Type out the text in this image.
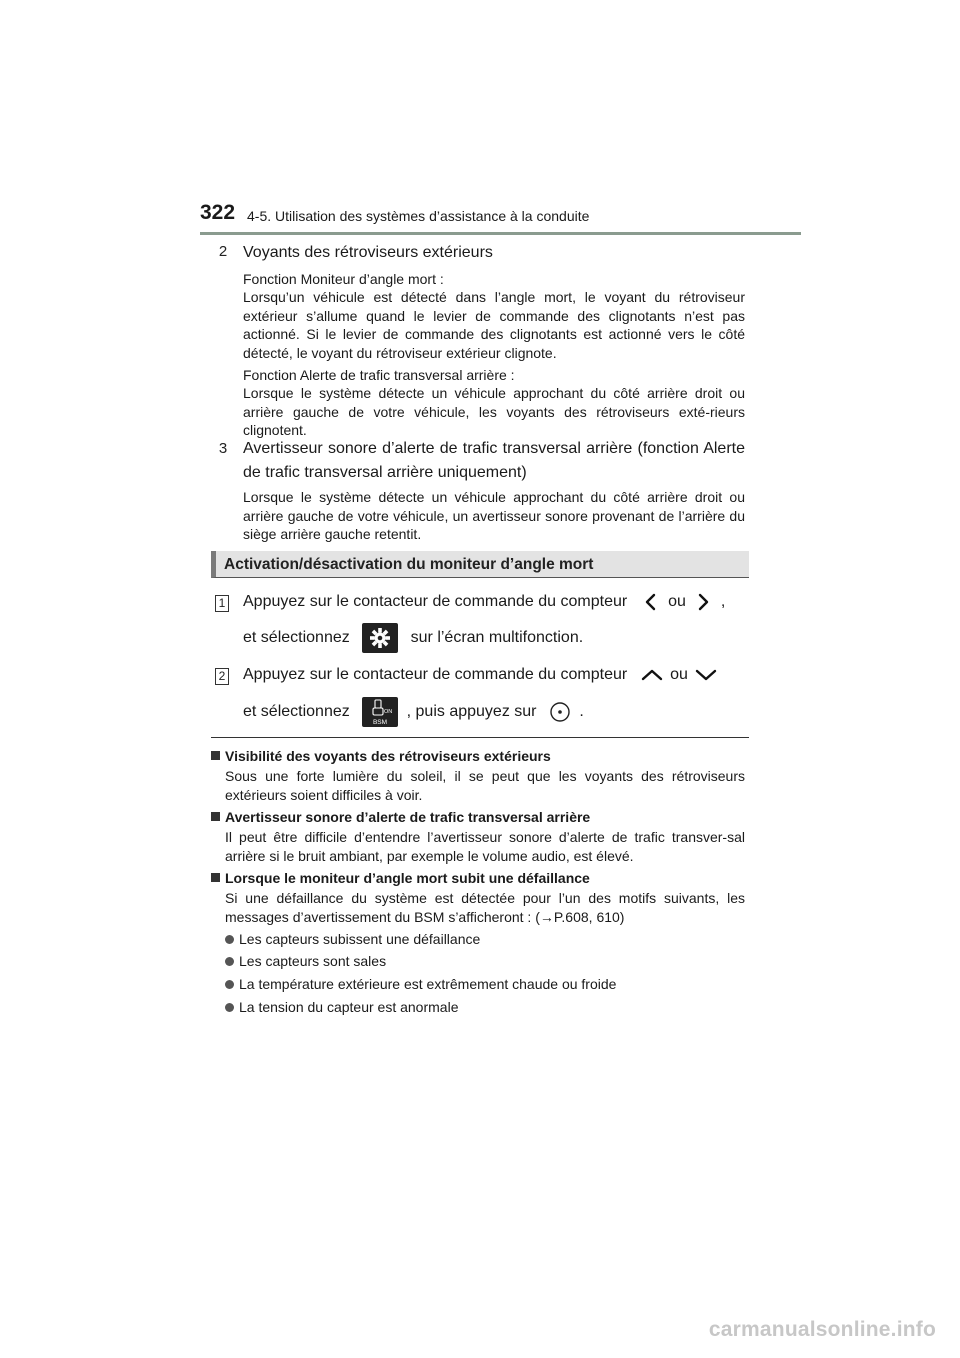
322 4-5. Utilisation des systèmes d’assistance à la conduite
2 Voyants des rétroviseurs extérieurs
Fonction Moniteur d’angle mort :
Lorsqu’un véhicule est détecté dans l’angle mort, le voyant du rétroviseur extérieur s’allume quand le levier de commande des clignotants n’est pas actionné. Si le levier de commande des clignotants est actionné vers le côté détecté, le voyant du rétroviseur extérieur clignote.
Fonction Alerte de trafic transversal arrière :
Lorsque le système détecte un véhicule approchant du côté arrière droit ou arrière gauche de votre véhicule, les voyants des rétroviseurs exté-rieurs clignotent.
3 Avertisseur sonore d’alerte de trafic transversal arrière (fonction Alerte de trafic transversal arrière uniquement)
Lorsque le système détecte un véhicule approchant du côté arrière droit ou arrière gauche de votre véhicule, un avertisseur sonore provenant de l’arrière du siège arrière gauche retentit.
Activation/désactivation du moniteur d’angle mort
1 Appuyez sur le contacteur de commande du compteur	ou ,
et sélectionnez	sur l’écran multifonction.
2 Appuyez sur le contacteur de commande du compteur	ou
et sélectionnez	ON
BSM
, puis appuyez sur	.
Visibilité des voyants des rétroviseurs extérieurs
Sous une forte lumière du soleil, il se peut que les voyants des rétroviseurs extérieurs soient difficiles à voir.
Avertisseur sonore d’alerte de trafic transversal arrière
Il peut être difficile d’entendre l’avertisseur sonore d’alerte de trafic transver-sal arrière si le bruit ambiant, par exemple le volume audio, est élevé.
Lorsque le moniteur d’angle mort subit une défaillance
Si une défaillance du système est détectée pour l’un des motifs suivants, les messages d’avertissement du BSM s’afficheront : (→P.608, 610)
Les capteurs subissent une défaillance
Les capteurs sont sales
La température extérieure est extrêmement chaude ou froide
La tension du capteur est anormale
carmanualsonline.info
